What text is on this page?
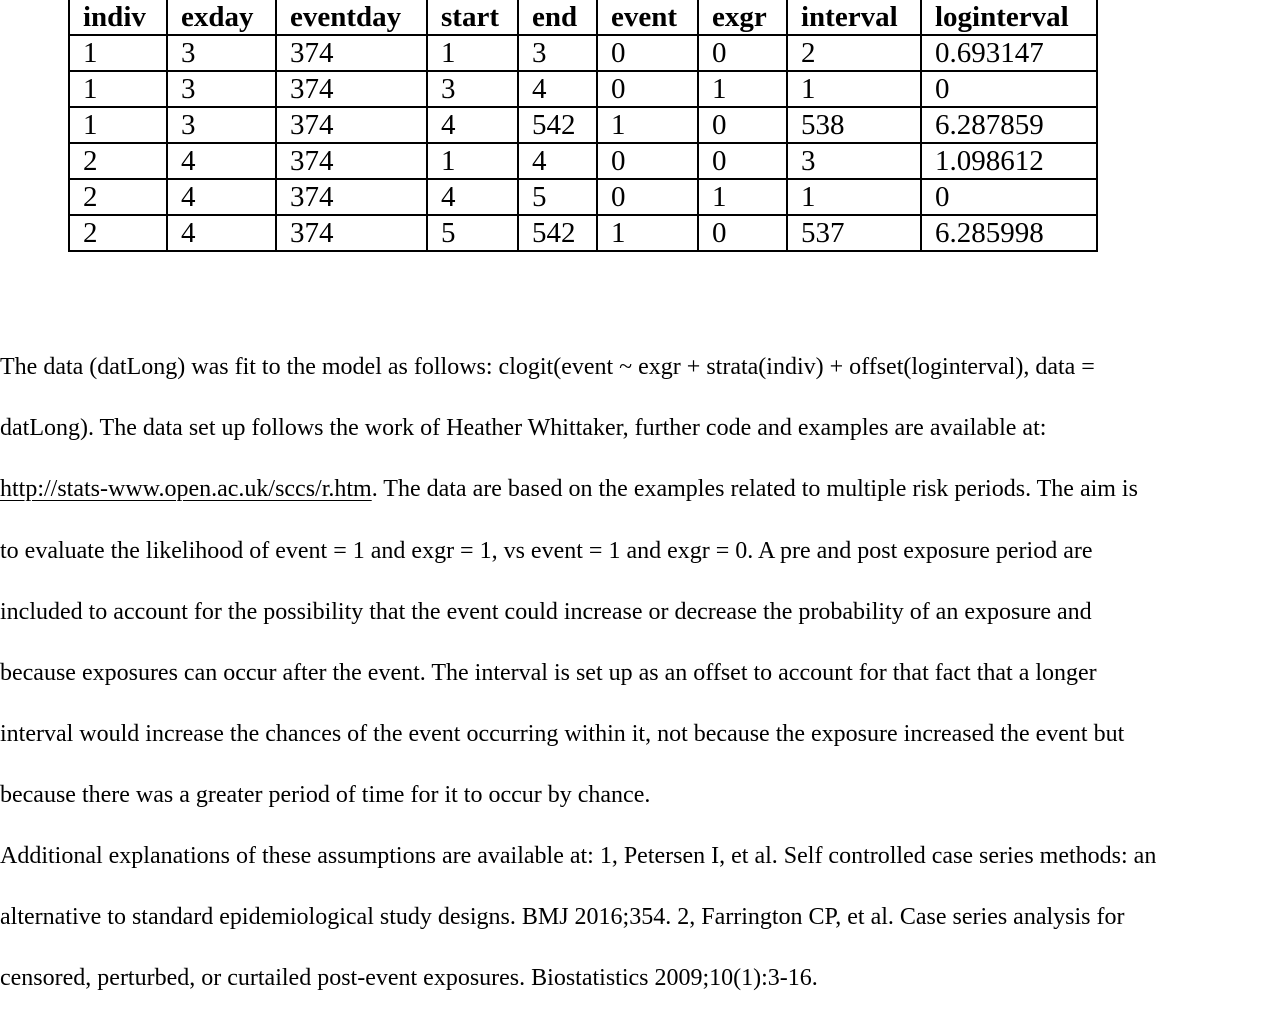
indiv	exday	eventday	start	end	event	exgr	interval	loginterval
1	3	374	1	3	0	0	2	0.693147
1	3	374	3	4	0	1	1	0
1	3	374	4	542	1	0	538	6.287859
2	4	374	1	4	0	0	3	1.098612
2	4	374	4	5	0	1	1	0
2	4	374	5	542	1	0	537	6.285998
The data (datLong) was fit to the model as follows: clogit(event ~ exgr + strata(indiv) + offset(loginterval), data =
datLong). The data set up follows the work of Heather Whittaker, further code and examples are available at:
http://stats-www.open.ac.uk/sccs/r.htm. The data are based on the examples related to multiple risk periods. The aim is
to evaluate the likelihood of event = 1 and exgr = 1, vs event = 1 and exgr = 0. A pre and post exposure period are
included to account for the possibility that the event could increase or decrease the probability of an exposure and
because exposures can occur after the event. The interval is set up as an offset to account for that fact that a longer
interval would increase the chances of the event occurring within it, not because the exposure increased the event but
because there was a greater period of time for it to occur by chance.
Additional explanations of these assumptions are available at: 1, Petersen I, et al. Self controlled case series methods: an
alternative to standard epidemiological study designs. BMJ 2016;354. 2, Farrington CP, et al. Case series analysis for
censored, perturbed, or curtailed post-event exposures. Biostatistics 2009;10(1):3-16.
